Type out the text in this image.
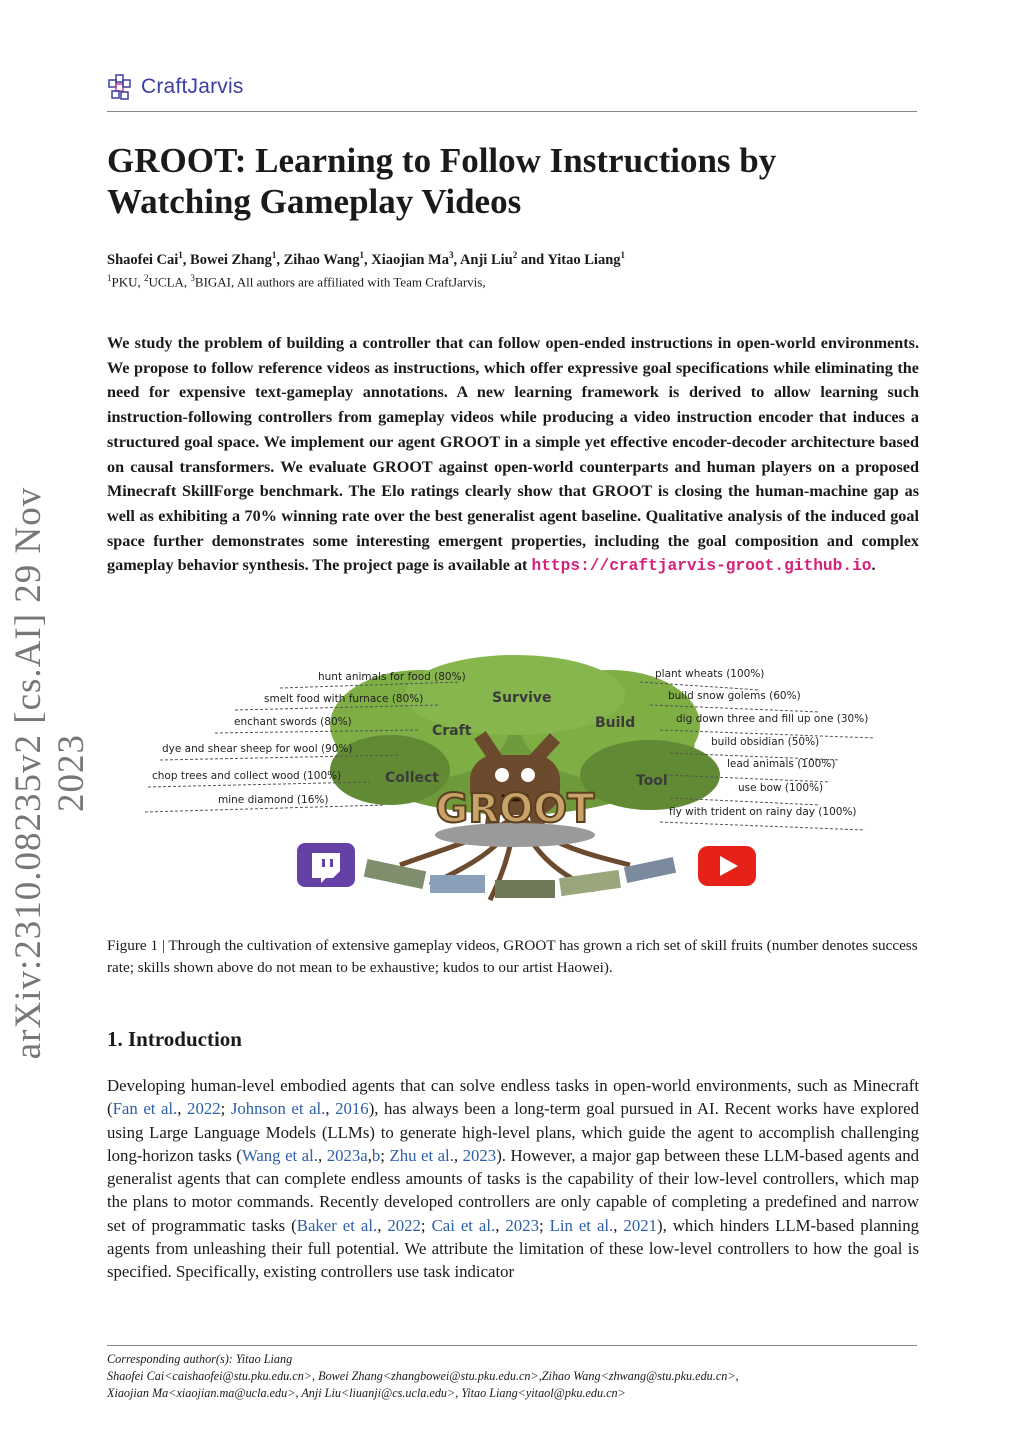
CraftJarvis
GROOT: Learning to Follow Instructions by
Watching Gameplay Videos
Shaofei Cai$^1$, Bowei Zhang$^1$, Zihao Wang$^1$, Xiaojian Ma$^3$, Anji Liu$^2$ and Yitao Liang$^1$
$^1$PKU, $^2$UCLA, $^3$BIGAI, All authors are affiliated with Team CraftJarvis,

We study the problem of building a controller that can follow open-ended instructions in open-world environments. We propose to follow reference videos as instructions, which offer expressive goal specifications while eliminating the need for expensive text-gameplay annotations. A new learning framework is derived to allow learning such instruction-following controllers from gameplay videos while producing a video instruction encoder that induces a structured goal space. We implement our agent GROOT in a simple yet effective encoder-decoder architecture based on causal transformers. We evaluate GROOT against open-world counterparts and human players on a proposed Minecraft SkillForge benchmark. The Elo ratings clearly show that GROOT is closing the human-machine gap as well as exhibiting a 70% winning rate over the best generalist agent baseline. Qualitative analysis of the induced goal space further demonstrates some interesting emergent properties, including the goal composition and complex gameplay behavior synthesis. The project page is available at https://craftjarvis-groot.github.io.

arXiv:2310.08235v2 [cs.AI] 29 Nov 2023	GROOT
Survive
Craft	Build
Collect	Tool
hunt animals for food (80%)
smelt food with furnace (80%)
enchant swords (80%)
dye and shear sheep for wool (90%)
chop trees and collect wood (100%)
mine diamond (16%)
plant wheats (100%)
build snow golems (60%)
dig down three and fill up one (30%)
build obsidian (50%)
lead animals (100%)
use bow (100%)
fly with trident on rainy day (100%)

Figure 1 | Through the cultivation of extensive gameplay videos, GROOT has grown a rich set of skill fruits (number denotes success rate; skills shown above do not mean to be exhaustive; kudos to our artist Haowei).

1. Introduction

Developing human-level embodied agents that can solve endless tasks in open-world environments, such as Minecraft (Fan et al., 2022; Johnson et al., 2016), has always been a long-term goal pursued in AI. Recent works have explored using Large Language Models (LLMs) to generate high-level plans, which guide the agent to accomplish challenging long-horizon tasks (Wang et al., 2023a,b; Zhu et al., 2023). However, a major gap between these LLM-based agents and generalist agents that can complete endless amounts of tasks is the capability of their low-level controllers, which map the plans to motor commands. Recently developed controllers are only capable of completing a predefined and narrow set of programmatic tasks (Baker et al., 2022; Cai et al., 2023; Lin et al., 2021), which hinders LLM-based planning agents from unleashing their full potential. We attribute the limitation of these low-level controllers to how the goal is specified. Specifically, existing controllers use task indicator

Corresponding author(s): Yitao Liang
Shaofei Cai<caishaofei@stu.pku.edu.cn>, Bowei Zhang<zhangbowei@stu.pku.edu.cn>,Zihao Wang<zhwang@stu.pku.edu.cn>,
Xiaojian Ma<xiaojian.ma@ucla.edu>, Anji Liu<liuanji@cs.ucla.edu>, Yitao Liang<yitaol@pku.edu.cn>
